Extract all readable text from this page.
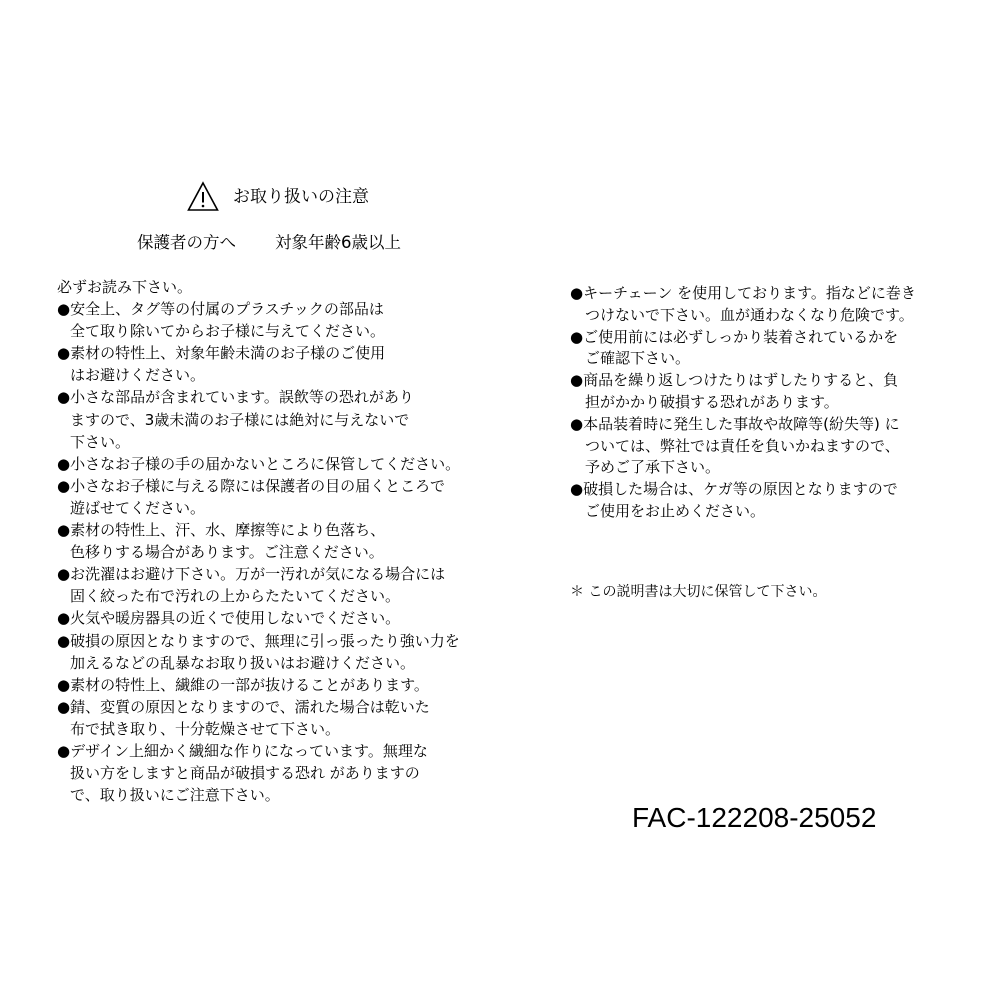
お取り扱いの注意
保護者の方へ 対象年齢6歳以上
必ずお読み下さい。
●安全上、タグ等の付属のプラスチックの部品は
全て取り除いてからお子様に与えてください。
●素材の特性上、対象年齢未満のお子様のご使用
はお避けください。
●小さな部品が含まれています。誤飲等の恐れがあり
ますので、3歳未満のお子様には絶対に与えないで
下さい。
●小さなお子様の手の届かないところに保管してください。
●小さなお子様に与える際には保護者の目の届くところで
遊ばせてください。
●素材の特性上、汗、水、摩擦等により色落ち、
色移りする場合があります。ご注意ください。
●お洗濯はお避け下さい。万が一汚れが気になる場合には
固く絞った布で汚れの上からたたいてください。
●火気や暖房器具の近くで使用しないでください。
●破損の原因となりますので、無理に引っ張ったり強い力を
加えるなどの乱暴なお取り扱いはお避けください。
●素材の特性上、繊維の一部が抜けることがあります。
●錆、変質の原因となりますので、濡れた場合は乾いた
布で拭き取り、十分乾燥させて下さい。
●デザイン上細かく繊細な作りになっています。無理な
扱い方をしますと商品が破損する恐れ がありますの
で、取り扱いにご注意下さい。
●キーチェーン を使用しております。指などに巻き
つけないで下さい。血が通わなくなり危険です。
●ご使用前には必ずしっかり装着されているかを
ご確認下さい。
●商品を繰り返しつけたりはずしたりすると、負
担がかかり破損する恐れがあります。
●本品装着時に発生した事故や故障等(紛失等) に
ついては、弊社では責任を負いかねますので、
予めご了承下さい。
●破損した場合は、ケガ等の原因となりますので
ご使用をお止めください。
＊ この説明書は大切に保管して下さい。
FAC-122208-25052
